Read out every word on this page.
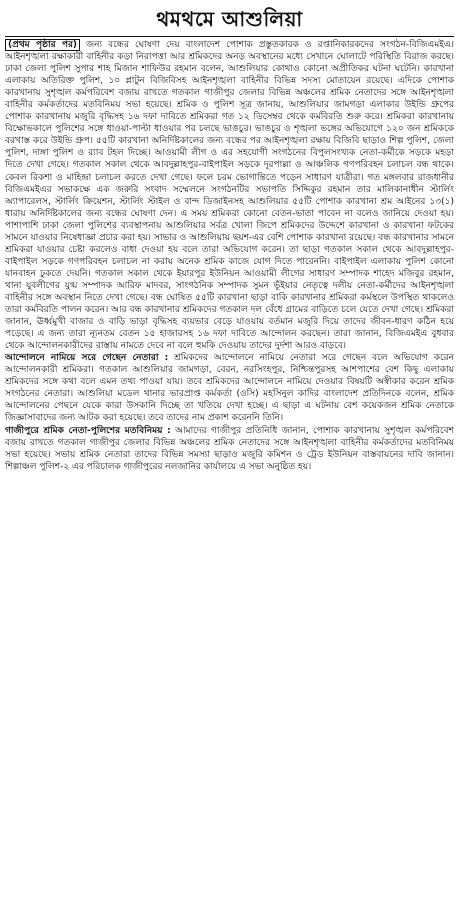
থমথমে আশুলিয়া

(প্রথম পৃষ্ঠার পর) জন্য বন্ধের ঘোষণা দেয় বাংলাদেশ পোশাক প্রস্তুতকারক ও রপ্তানিকারকদের সংগঠন-বিজিএমইএ। আইনশৃঙ্খলা রক্ষাকারী বাহিনীর কড়া নিরাপত্তা আর শ্রমিকদের অনড় অবস্থানের মধ্যে সেখানে ঘোলাটে পরিস্থিতি বিরাজ করছে। ঢাকা জেলা পুলিশ সুপার শাহ মিজান শাফিউর রহমান বলেন, আশুলিয়ার কোথাও কোনো অপ্রীতিকর ঘটনা ঘটেনি। কারখানা এলাকায় অতিরিক্ত পুলিশ, ১০ প্লাটুন বিজিবিসহ আইনশৃঙ্খলা বাহিনীর বিভিন্ন সদস্য মোতায়েন রয়েছে। এদিকে পোশাক কারখানায় সুশৃঙ্খল কর্মপরিবেশ বজায় রাখতে গতকাল গাজীপুর জেলার বিভিন্ন অঞ্চলের শ্রমিক নেতাদের সঙ্গে আইনশৃঙ্খলা বাহিনীর কর্মকর্তাদের মতবিনিময় সভা হয়েছে। শ্রমিক ও পুলিশ সূত্র জানায়, আশুলিয়ার জামগড়া এলাকার উইন্ডি গ্রুপের পোশাক কারখানায় মজুরি বৃদ্ধিসহ ১৬ দফা দাবিতে শ্রমিকরা গত ১২ ডিসেম্বর থেকে কর্মবিরতি শুরু করে। শ্রমিকরা কারখানায় বিক্ষোভকালে পুলিশের সঙ্গে ধাওয়া-পাল্টা ধাওয়ার পর চলছে ভাঙচুর। ভাঙচুর ও শৃঙ্খলা ভঙ্গের অভিযোগে ১২০ জন শ্রমিককে বরখাস্ত করে উইন্ডি গ্রুপ। ৫৫টি কারখানা অনির্দিষ্টকালের জন্য বন্ধের পর আইনশৃঙ্খলা রক্ষায় বিজিবি ছাড়াও শিল্প পুলিশ, জেলা পুলিশ, দাঙ্গা পুলিশ ও র‌্যাব টহল দিচ্ছে। আওয়ামী লীগ ও এর সহযোগী সংগঠনের বিপুলসংখ্যক নেতা-কর্মীকে সড়কে মহড়া দিতে দেখা গেছে। গতকাল সকাল থেকে আবদুল্লাহপুর-বাইপাইল সড়কে দূরপাল্লা ও আঞ্চলিক গণপরিবহন চলাচল বন্ধ থাকে। কেবল রিকশা ও মাহিন্দ্রা চলাচল করতে দেখা গেছে। ফলে চরম ভোগান্তিতে পড়েন সাধারণ যাত্রীরা। গত মঙ্গলবার রাজধানীর বিজিএমইএর সভাকক্ষে এক জরুরি সংবাদ সম্মেলনে সংগঠনটির সভাপতি সিদ্দিকুর রহমান তার মালিকানাধীন স্টার্লিং অ্যাপারেলস, স্টার্লিং ক্রিয়েশন, স্টার্লিং স্টাইল ও বান্দ ডিজাইনসহ আশুলিয়ার ৫৫টি পোশাক কারখানা শ্রম আইনের ১৩(১) ধারায় অনির্দিষ্টকালের জন্য বন্ধের ঘোষণা দেন। এ সময় শ্রমিকরা কোনো বেতন-ভাতা পাবেন না বলেও জানিয়ে দেওয়া হয়। পাশাপাশি ঢাকা জেলা পুলিশের ব্যবস্থাপনায় আশুলিয়ার সর্বত্র খোলা জিপে শ্রমিকদের উদ্দেশে কারখানা ও কারখানা ফটকের সামনে যাওয়ার নিষেধাজ্ঞা প্রচার করা হয়। সাভার ও আশুলিয়ায় ছয়শ-এর বেশি পোশাক কারখানা রয়েছে। বন্ধ কারখানার সামনে শ্রমিকরা যাওয়ার চেষ্টা করলেও বাধা দেওয়া হয় বলে তারা অভিযোগ করেন। তা ছাড়া গতকাল সকাল থেকে আবদুল্লাহপুর-বাইপাইল সড়কে গণপরিবহন চলাচল না করায় অনেক শ্রমিক কাজে যোগ দিতে পারেননি। বাইপাইল এলাকায় পুলিশ কোনো যানবাহন ঢুকতে দেয়নি। গতকাল সকাল থেকে ইয়ারপুর ইউনিয়ন আওয়ামী লীগের সাধারণ সম্পাদক শাহেদ মজিবুর রহমান, থানা যুবলীগের যুগ্ম সম্পাদক আরিফ মাদবর, সাংগঠনিক সম্পাদক সুমন ভূঁইয়ার নেতৃত্বে দলীয় নেতা-কর্মীদের আইনশৃঙ্খলা বাহিনীর সঙ্গে অবস্থান নিতে দেখা গেছে। বন্ধ ঘোষিত ৫৫টি কারখানা ছাড়া বাকি কারখানার শ্রমিকরা কর্মস্থলে উপস্থিত থাকলেও তারা কর্মবিরতি পালন করেন। আর বন্ধ কারখানার শ্রমিকদের গতকাল দল বেঁধে গ্রামের বাড়িতে চলে যেতে দেখা গেছে। শ্রমিকরা জানান, ঊর্ধ্বমুখী বাজার ও বাড়ি ভাড়া বৃদ্ধিসহ ব্যয়ভার বেড়ে যাওয়ায় বর্তমান মজুরি দিয়ে তাদের জীবন-ধারণ কঠিন হয়ে পড়েছে। এ জন্য তারা ন্যূনতম বেতন ১৫ হাজারসহ ১৬ দফা দাবিতে আন্দোলন করছেন। তারা জানান, বিজিএমইএ বুধবার থেকে আন্দোলনকারীদের রাস্তায় নামতে দেবে না বলে হুমকি দেওয়ায় তাদের দুর্দশা আরও বাড়বে।

আন্দোলনে নামিয়ে সরে গেছেন নেতারা : শ্রমিকদের আন্দোলনে নামিয়ে নেতারা সরে গেছেন বলে অভিযোগ করেন আন্দোলনকারী শ্রমিকরা। গতকাল আশুলিয়ার জামগড়া, বেরন, নরসিংহপুর, নিশ্চিন্তপুরসহ আশপাশের বেশ কিছু এলাকায় শ্রমিকদের সঙ্গে কথা বলে এমন তথ্য পাওয়া যায়। তবে শ্রমিকদের আন্দোলনে নামিয়ে দেওয়ার বিষয়টি অস্বীকার করেন শ্রমিক সংগঠনের নেতারা। আশুলিয়া মডেল থানার ভারপ্রাপ্ত কর্মকর্তা (ওসি) মহসিনুল কাদির বাংলাদেশ প্রতিদিনকে বলেন, শ্রমিক আন্দোলনের পেছনে যেকে কারা উসকানি দিচ্ছে তা খতিয়ে দেখা হচ্ছে। এ ছাড়া এ ঘটনায় বেশ কয়েকজন শ্রমিক নেতাকে জিজ্ঞাসাবাদের জন্য আটক করা হয়েছে। তবে তাদের নাম প্রকাশ করেননি তিনি।

গাজীপুরে শ্রমিক নেতা-পুলিশের মতবিনিময় : আমাদের গাজীপুর প্রতিনিধি জানান, পোশাক কারখানায় সুশৃঙ্খল কর্মপরিবেশ বজায় রাখতে গতকাল গাজীপুর জেলার বিভিন্ন অঞ্চলের শ্রমিক নেতাদের সঙ্গে আইনশৃঙ্খলা বাহিনীর কর্মকর্তাদের মতবিনিময় সভা হয়েছে। সভায় শ্রমিক নেতারা তাদের বিভিন্ন সমস্যা ছাড়াও মজুরি কমিশন ও ট্রেড ইউনিয়ন বাস্তবায়নের দাবি জানান। শিল্পাঞ্চল পুলিশ-২ এর পরিচালক গাজীপুরের নলজানির কার্যালয়ে এ সভা অনুষ্ঠিত হয়।
